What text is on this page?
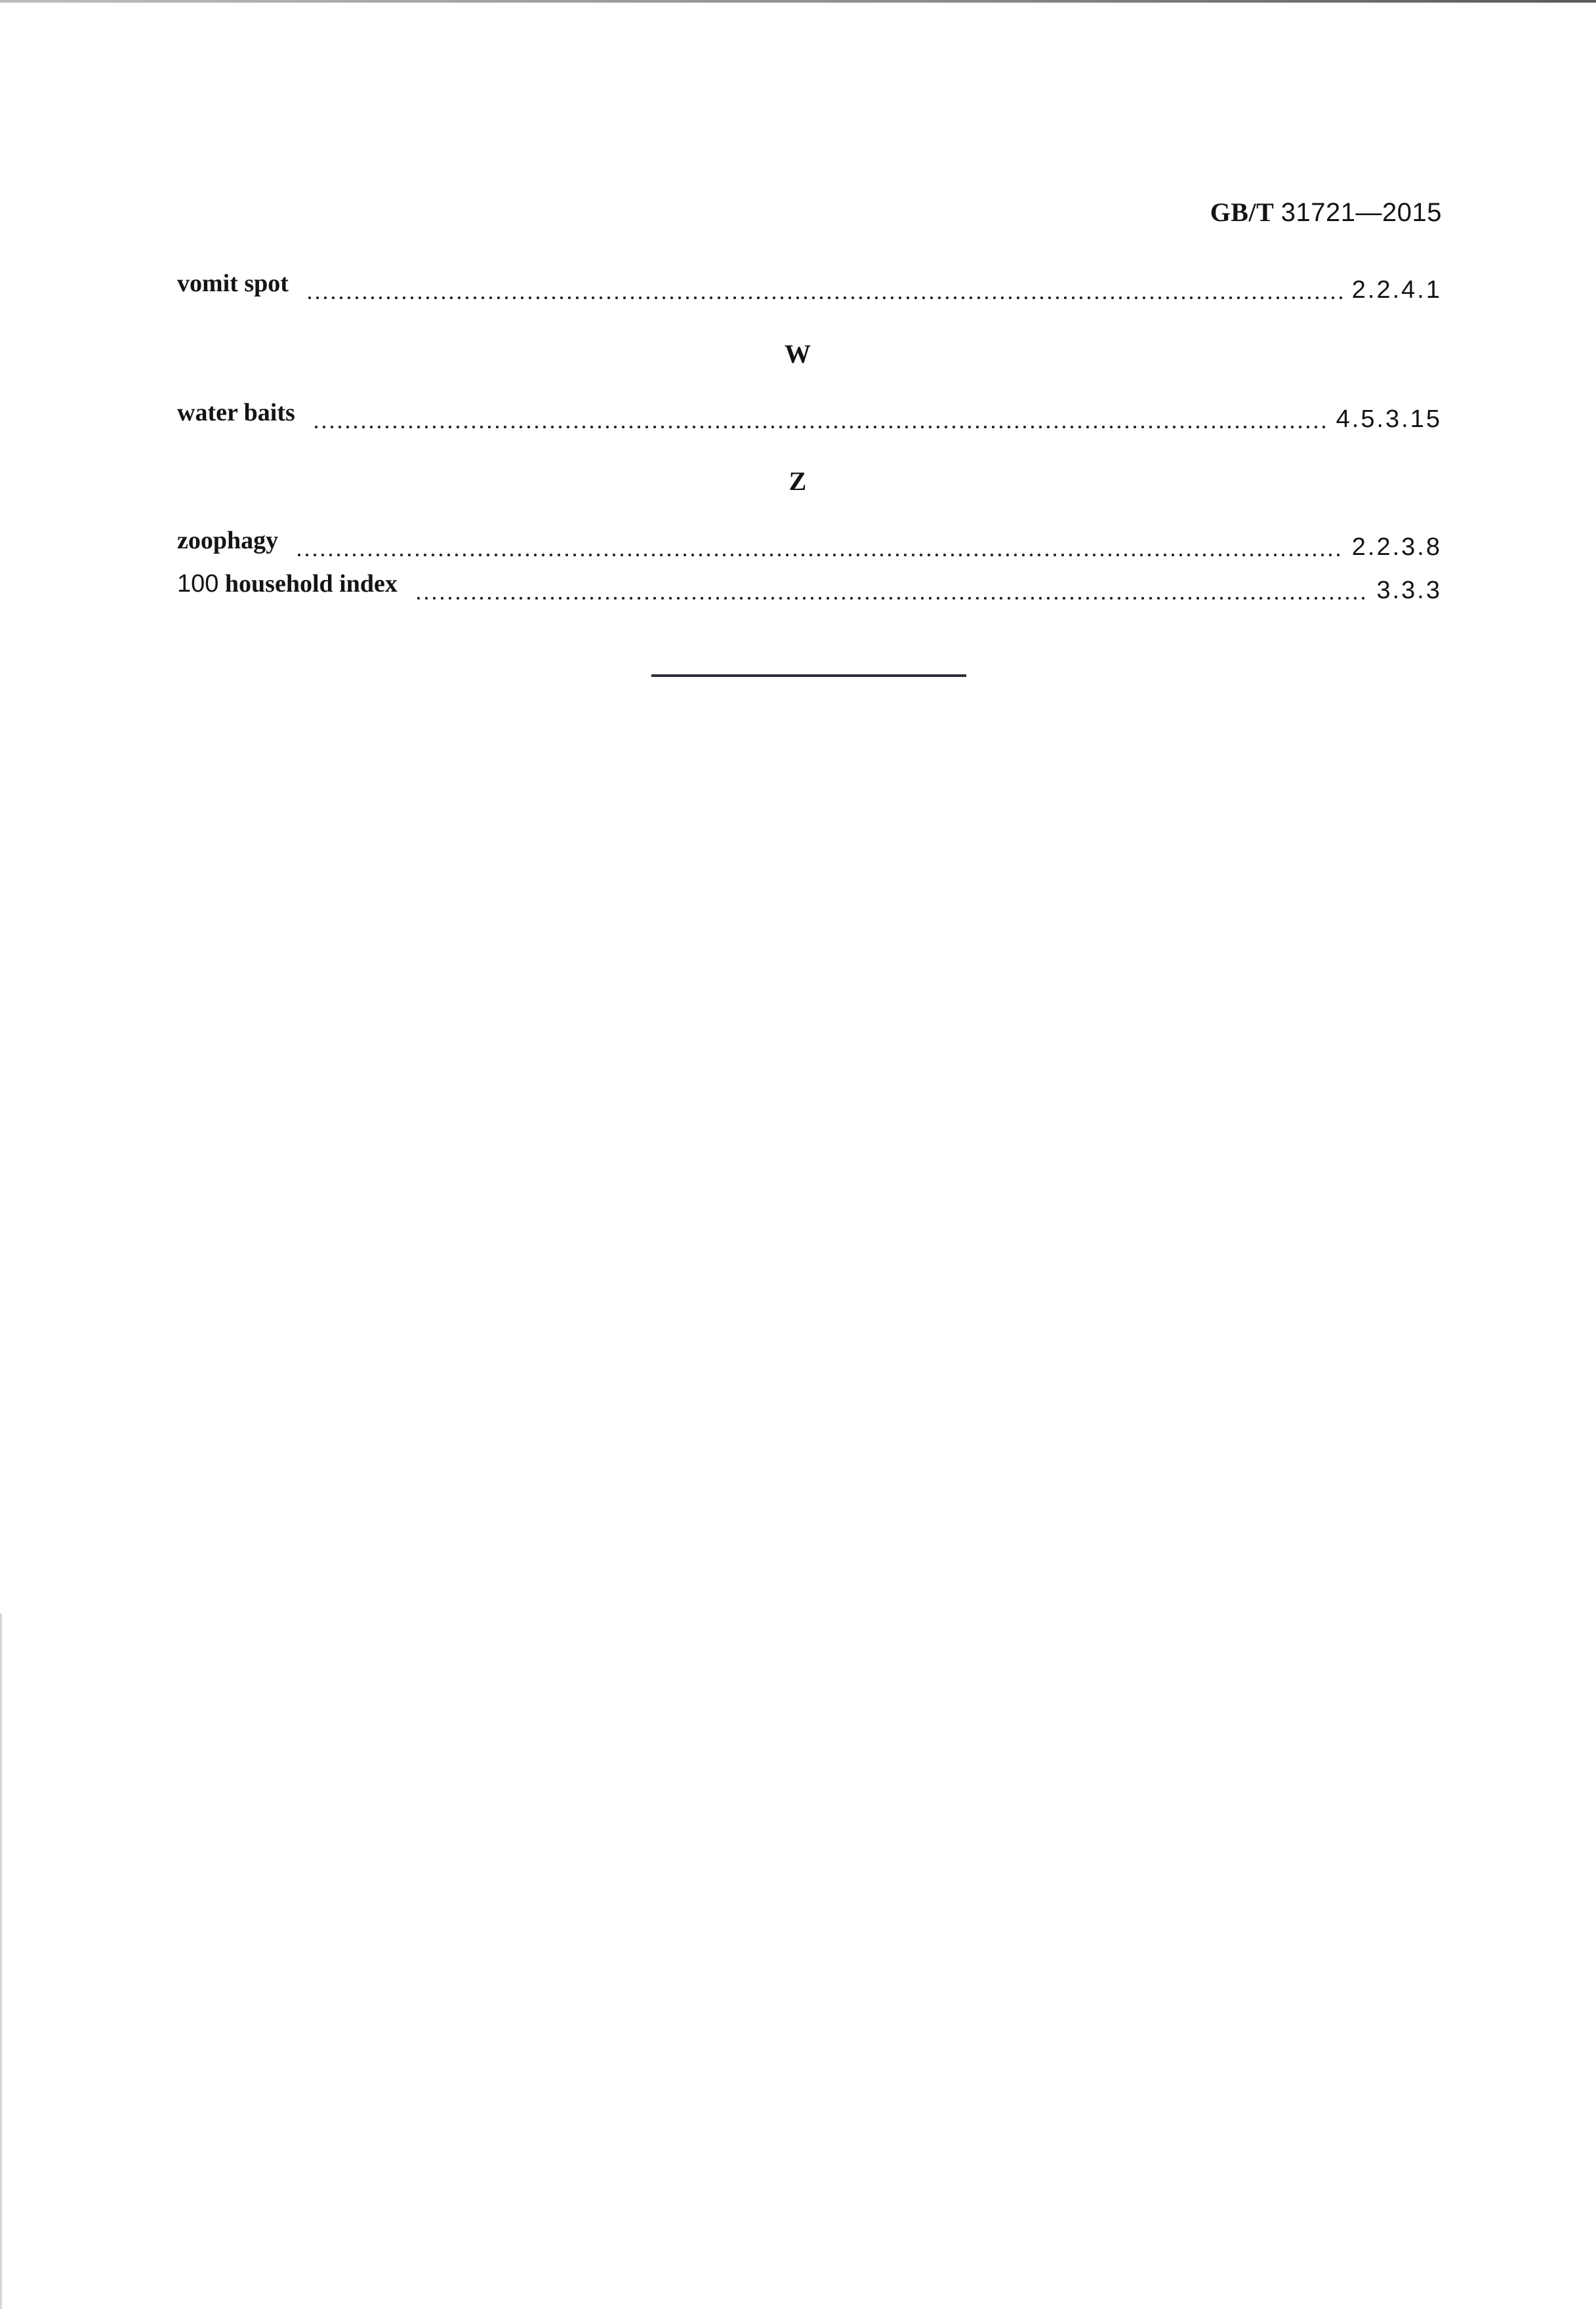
GB/T 31721—2015
vomit spot	2.2.4.1
W
water baits	4.5.3.15
Z
zoophagy	2.2.3.8
100 household index	3.3.3
